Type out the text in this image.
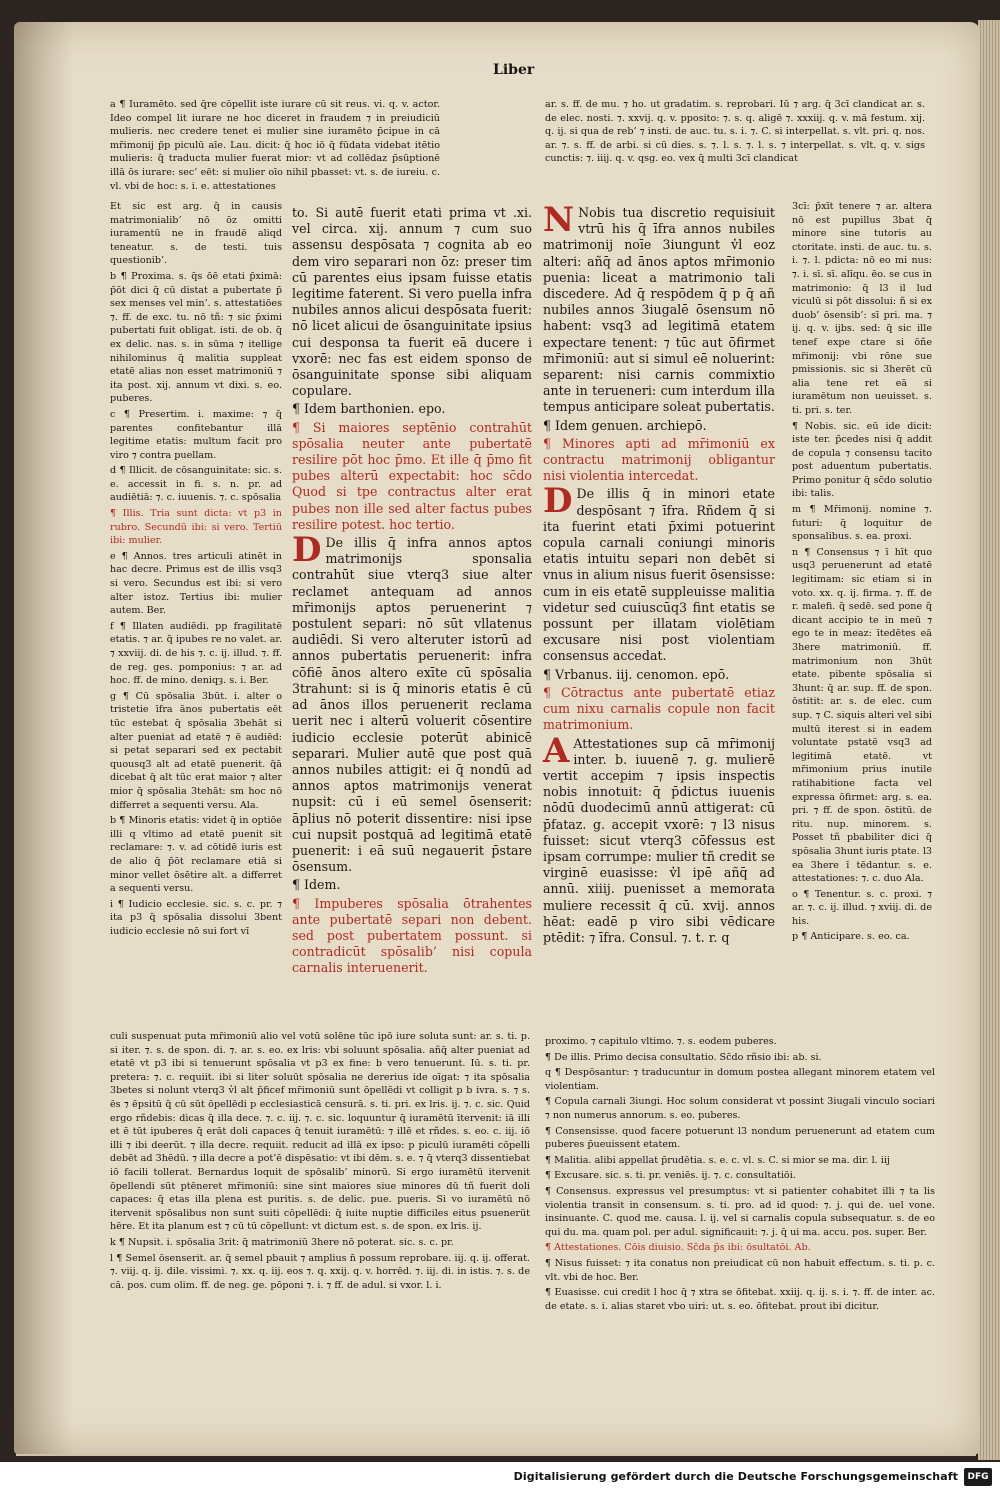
Liber
a ¶ Iuramēto. sed q̄re cōpellit iste iurare cū sit reus. vi. q. v. actor. Ideo compel lit iurare ne hoc diceret in fraudem ⁊ in preiudiciū mulieris. nec credere tenet ei mulier sine iuramēto p̄cipue in cā mr̄imonij p̄p piculū aīe. Lau. dicit: q̄ hoc iō q̄ fūdata videbat itētio mulieris: q̄ traducta mulier fuerat mior: vt ad collēdaz p̄sūptionē illā ōs iurare: sec’ eēt: si mulier oīo nihil pbasset: vt. s. de iureiu. c. vl. vbi de hoc: s. i. e. attestationes
Et sic est arg. q̄ in causis matrimonialib’ nō ōz omitti iuramentū ne in fraudē aliqd teneatur. s. de testi. tuis questionib’.
b ¶ Proxima. s. q̄s ōē etati p̄ximā: p̄ōt dici q̄ cū distat a pubertate p̄ sex menses vel min’. s. attestatiōes ⁊. ff. de exc. tu. nō tñ: ⁊ sic p̄ximi pubertati fuit obligat. isti. de ob. q̄ ex delic. nas. s. in sūma ⁊ itellige nihilominus q̄ malitia suppleat etatē alias non esset matrimoniū ⁊ ita post. xij. annum vt dixi. s. eo. puberes.
c ¶ Presertim. i. maxime: ⁊ q̄ parentes confitebantur illā legitime etatis: multum facit pro viro ⁊ contra puellam.
d ¶ Illicit. de cōsanguinitate: sic. s. e. accessit in fi. s. n. pr. ad audiētiā: ⁊. c. iuuenis. ⁊. c. spōsalia
¶ Illis. Tria sunt dicta: vt p3 in rubro. Secundū ibi: si vero. Tertiū ibi: mulier.
e ¶ Annos. tres articuli atinēt in hac decre. Primus est de illis vsq3 si vero. Secundus est ibi: si vero alter istoz. Tertius ibi: mulier autem. Ber.
f ¶ Illaten audiēdi. pp fragilitatē etatis. ⁊ ar. q̄ ipubes re no valet. ar. ⁊ xxviij. di. de his ⁊. c. ij. illud. ⁊. ff. de reg. ges. pomponius: ⁊ ar. ad hoc. ff. de mino. deniqȝ. s. i. Ber.
g ¶ Cū spōsalia 3būt. i. alter o tristetie īfra ānos pubertatis eēt tūc estebat q̄ spōsalia 3behāt si alter pueniat ad etatē ⁊ ē audiēd: si petat separari sed ex pectabit quousq3 alt ad etatē puenerit. q̄ā dicebat q̄ alt tūc erat maior ⁊ alter mior q̄ spōsalia 3tehāt: sm hoc nō differret a sequenti versu. Ala.
b ¶ Minoris etatis: videt q̄ in optiōe illi q vltimo ad etatē puenit sit reclamare: ⁊. v. ad cōtidē iuris est de alio q̄ p̄ōt reclamare etiā si minor vellet ōsētire alt. a differret a sequenti versu.
i ¶ Iudicio ecclesie. sic. s. c. pr. ⁊ ita p3 q̄ spōsalia dissolui 3bent iudicio ecclesie nō sui fort vī
to. Si autē fuerit etati prima vt .xi. vel circa. xij. annum ⁊ cum suo assensu despōsata ⁊ cognita ab eo dem viro separari non ōz: preser tim cū parentes eius ipsam fuisse etatis legitime faterent. Si vero puella infra nubiles annos alicui despōsata fuerit: nō licet alicui de ōsanguinitate ipsius cui desponsa ta fuerit eā ducere i vxorē: nec fas est eidem sponso de ōsanguinitate sponse sibi aliquam copulare.
¶ Idem barthonien. epo.
¶ Si maiores septēnio contrahūt spōsalia neuter ante pubertatē resilire pōt hoc p̄mo. Et ille q̄ p̄mo fit pubes alterū expectabit: hoc sc̄do Quod si tpe contractus alter erat pubes non ille sed alter factus pubes resilire potest. hoc tertio.
D De illis q̄ infra annos aptos matrimonijs sponsalia contrahūt siue vterq3 siue alter reclamet antequam ad annos mr̄imonijs aptos peruenerint ⁊ postulent separi: nō sūt vllatenus audiēdi. Si vero alteruter istorū ad annos pubertatis peruenerit: infra cōfiē ānos altero exīte cū spōsalia 3trahunt: si is q̄ minoris etatis ē cū ad ānos illos peruenerit reclama uerit nec i alterū voluerit cōsentire iudicio ecclesie poterūt abinicē separari. Mulier autē que post quā annos nubiles attigit: ei q̄ nondū ad annos aptos matrimonijs venerat nupsit: cū i eū semel ōsenserit: āplius nō poterit dissentire: nisi ipse cui nupsit postquā ad legitimā etatē puenerit: i eā suū negauerit p̄stare ōsensum.
¶ Idem.
¶ Impuberes spōsalia ōtrahentes ante pubertatē separi non debent. sed post pubertatem possunt. si contradicūt spōsalib’ nisi copula carnalis interuenerit.
culi suspenuat puta mr̄imoniū alio vel votū solēne tūc ipō iure soluta sunt: ar. s. ti. p. si iter. ⁊. s. de spon. di. ⁊. ar. s. eo. ex lris: vbi soluunt spōsalia. añq̄ alter pueniat ad etatē vt p3 ibi si tenuerunt spōsalia vt p3 ex fine: b vero tenuerunt. Iū. s. ti. pr. pretera: ⁊. c. requiit. ibi si liter soluūt spōsalia ne dererius ide oīgat: ⁊ ita spōsalia 3betes si nolunt vterq3 v̓l alt p̄ficef mr̄imoniū sunt ōpellēdi vt colligit p b ivra. s. ⁊ s. ēs ⁊ ēpsitū q̄ cū sūt ōpellēdi p ecclesiasticā censurā. s. ti. pri. ex lris. ij. ⁊. c. sic. Quid ergo rñdebis: dicas q̄ illa dece. ⁊. c. iij. ⁊. c. sic. loquuntur q̄ iuramētū ītervenit: iā illi et ē tūt ipuberes q̄ erāt doli capaces q̄ tenuit iuramētū: ⁊ illē et rñdes. s. eo. c. iij. iō illi ⁊ ibi deerūt. ⁊ illa decre. requiit. reducit ad illā ex ipso: p piculū iuramēti cōpelli debēt ad 3hēdū. ⁊ illa decre a pot’ē dispēsatio: vt ibi dēm. s. e. ⁊ q̄ vterq3 dissentiebat iō facili tollerat. Bernardus loquit de spōsalib’ minorū. Si ergo iuramētū itervenit ōpellendi sūt ptēneret mr̄imoniū: sine sint maiores siue minores dū tñ fuerit doli capaces: q̄ etas illa plena est puritis. s. de delic. pue. pueris. Si vo iuramētū nō itervenit spōsalibus non sunt suiti cōpellēdi: q̄ iuite nuptie difficiles eitus psuenerūt hēre. Et ita planum est ⁊ cū tū cōpellunt: vt dictum est. s. de spon. ex lris. ij.
k ¶ Nupsit. i. spōsalia 3rit: q̄ matrimoniū 3here nō poterat. sic. s. c. pr.
l ¶ Semel ōsenserit. ar. q̄ semel pbauit ⁊ amplius n̄ possum reprobare. iij. q. ij. offerat. ⁊. viij. q. ij. dile. vissimi. ⁊. xx. q. iij. eos ⁊. q. xxij. q. v. horrēd. ⁊. iij. di. in istis. ⁊. s. de cā. pos. cum olim. ff. de neg. ge. pōponi ⁊. i. ⁊ ff. de adul. si vxor. l. i.
ar. s. ff. de mu. ⁊ ho. ut gradatim. s. reprobari. Iū ⁊ arg. q̄ 3cī clandicat ar. s. de elec. nosti. ⁊. xxvij. q. v. pposito: ⁊. s. q. aligē ⁊. xxxiij. q. v. mā festum. xij. q. ij. si qua de reb’ ⁊ insti. de auc. tu. s. i. ⁊. C. si interpellat. s. vlt. pri. q. nos. ar. ⁊. s. ff. de arbi. si cū dies. s. ⁊. l. s. ⁊. l. s. ⁊ interpellat. s. vlt. q. v. sigs cunctis: ⁊. iiij. q. v. qsg. eo. vex q̄ multi 3cī clandicat
N Nobis tua discretio requisiuit vtrū his q̄ īfra annos nubiles matrimonij noīe 3iungunt v̓l eoz alteri: añq̄ ad ānos aptos mr̄imonio puenia: liceat a matrimonio tali discedere. Ad q̄ respōdem q̄ p q̄ añ nubiles annos 3iugalē ōsensum nō habent: vsq3 ad legitimā etatem expectare tenent: ⁊ tūc aut ōfirmet mr̄imoniū: aut si simul eē noluerint: separent: nisi carnis commixtio ante in terueneri: cum interdum illa tempus anticipare soleat pubertatis.
¶ Idem genuen. archiepō.
¶ Minores apti ad mr̄imoniū ex contractu matrimonij obligantur nisi violentia intercedat.
D De illis q̄ in minori etate despōsant ⁊ īfra. Rñdem q̄ si ita fuerint etati p̄ximi potuerint copula carnali coniungi minoris etatis intuitu separi non debēt si vnus in alium nisus fuerit ōsensisse: cum in eis etatē suppleuisse malitia videtur sed cuiuscūq3 fint etatis se possunt per illatam violētiam excusare nisi post violentiam consensus accedat.
¶ Vrbanus. iij. cenomon. epō.
¶ Cōtractus ante pubertatē etiaz cum nixu carnalis copule non facit matrimonium.
A Attestationes sup cā mr̄imonij inter. b. iuuenē ⁊. g. mulierē vertit accepim ⁊ ipsis inspectis nobis innotuit: q̄ p̄dictus iuuenis nōdū duodecimū annū attigerat: cū p̄fataz. g. accepit vxorē: ⁊ l3 nisus fuisset: sicut vterq3 cōfessus est ipsam corrumpe: mulier tñ credit se virginē euasisse: v̓l ipē añq̄ ad annū. xiiij. puenisset a memorata muliere recessit q̄ cū. xvij. annos hēat: eadē p viro sibi vēdicare ptēdit: ⁊ īfra. Consul. ⁊. t. r. q
3cī: p̄xīt tenere ⁊ ar. altera nō est pupillus 3bat q̄ minore sine tutoris au ctoritate. insti. de auc. tu. s. i. ⁊. l. pdicta: nō eo mi nus: ⁊. i. sī. sī. alīqu. ēo. se cus in matrimonio: q̄ l3 il lud viculū si pōt dissolui: ñ si ex duob’ ōsensib’: sī pri. ma. ⁊ ij. q. v. ijbs. sed: q̄ sic ille tenef expe ctare si ōñe mr̄imonij: vbi rōne sue pmissionis. sic si 3herēt cū alia tene ret eā si iuramētum non ueuisset. s. ti. pri. s. ter.
¶ Nobis. sic. eū ide dicit: iste ter. p̄cedes nisi q̄ addit de copula ⁊ consensu tacito post aduentum pubertatis. Primo ponitur q̄ sc̄do solutio ibi: talis.
m ¶ Mr̄imonij. nomine ⁊. futuri: q̄ loquitur de sponsalibus. s. ea. proxi.
n ¶ Consensus ⁊ ī hīt quo usq3 peruenerunt ad etatē legitimam: sic etiam si in voto. xx. q. ij. firma. ⁊. ff. de r. malefi. q̄ sedē. sed pone q̄ dicant accipio te in meū ⁊ ego te in meaz: ītedētes eā 3here matrimoniū. ff. matrimonium non 3hūt etate. pibente spōsalia si 3hunt: q̄ ar. sup. ff. de spon. ōstitit: ar. s. de elec. cum sup. ⁊ C. siquis alteri vel sibi multū iterest si in eadem voluntate pstatē vsq3 ad legitimā etatē. vt mr̄imonium prius inutile ratihabitione facta vel expressa ōfirmet: arg. s. ea. pri. ⁊ ff. de spon. ōstitū. de ritu. nup. minorem. s. Posset tñ pbabiliter dici q̄ spōsalia 3hunt iuris ptate. l3 ea 3here ī tēdantur. s. e. attestationes: ⁊. c. duo Ala.
o ¶ Tenentur. s. c. proxi. ⁊ ar. ⁊. c. ij. illud. ⁊ xviij. di. de his.
p ¶ Anticipare. s. eo. ca.
proximo. ⁊ capitulo vltimo. ⁊. s. eodem puberes.
¶ De illis. Primo decisa consultatio. Sc̄do rñsio ibi: ab. si.
q ¶ Despōsantur: ⁊ traducuntur in domum postea allegant minorem etatem vel violentiam.
¶ Copula carnali 3iungi. Hoc solum considerat vt possint 3iugali vinculo sociari ⁊ non numerus annorum. s. eo. puberes.
¶ Consensisse. quod facere potuerunt l3 nondum peruenerunt ad etatem cum puberes p̄ueuissent etatem.
¶ Malitia. alibi appellat p̄rudētia. s. e. c. vl. s. C. si mior se ma. dir. l. iij
¶ Excusare. sic. s. ti. pr. veniēs. ij. ⁊. c. consultatiōi.
¶ Consensus. expressus vel presumptus: vt si patienter cohabitet illi ⁊ ta lis violentia transit in consensum. s. ti. pro. ad id quod: ⁊. j. qui de. uel vone. insinuante. C. quod me. causa. l. ij. vel si carnalis copula subsequatur. s. de eo qui du. ma. quam pol. per adul. significauit: ⁊. j. q̄ ui ma. accu. pos. super. Ber.
¶ Attestationes. Cōis diuisio. Sc̄da p̄s ibi: ōsultatōi. Ab.
¶ Nisus fuisset: ⁊ ita conatus non preiudicat cū non habuit effectum. s. ti. p. c. vlt. vbi de hoc. Ber.
¶ Euasisse. cui credit l hoc q̄ ⁊ xtra se ōfitebat. xxiij. q. ij. s. i. ⁊. ff. de inter. ac. de etate. s. i. alias staret vbo uiri: ut. s. eo. ōfitebat. prout ibi dicitur.
Digitalisierung gefördert durch die Deutsche Forschungsgemeinschaft	DFG
